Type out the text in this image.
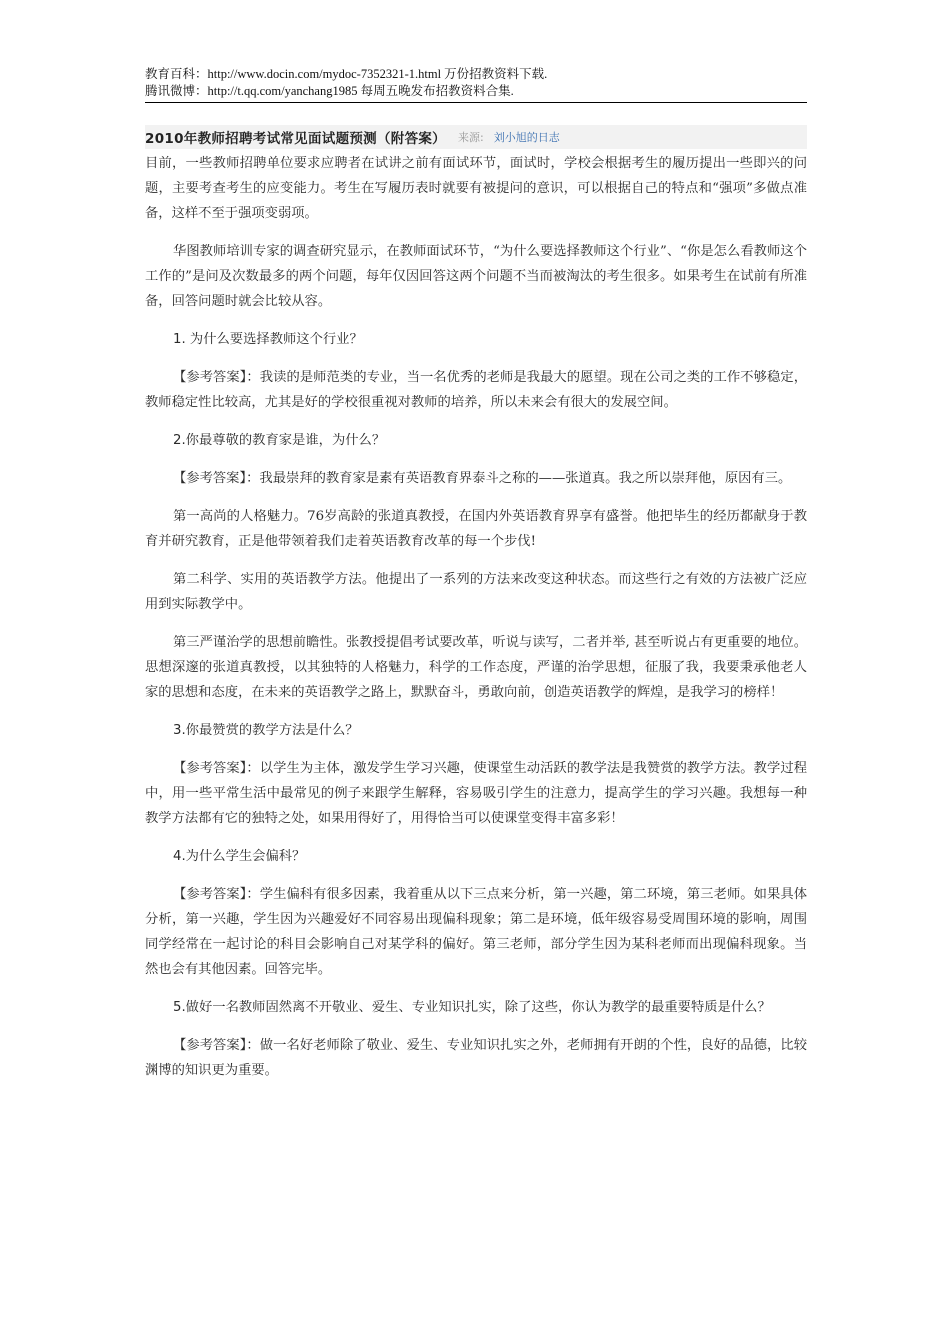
教育百科：http://www.docin.com/mydoc-7352321-1.html 万份招教资料下载.
腾讯微博：http://t.qq.com/yanchang1985 每周五晚发布招教资料合集.
2010年教师招聘考试常见面试题预测（附答案） 来源: 刘小旭的日志

目前，一些教师招聘单位要求应聘者在试讲之前有面试环节，面试时，学校会根据考生的履历提出一些即兴的问题，主要考查考生的应变能力。考生在写履历表时就要有被提问的意识，可以根据自己的特点和“强项”多做点准备，这样不至于强项变弱项。

华图教师培训专家的调查研究显示，在教师面试环节，“为什么要选择教师这个行业”、“你是怎么看教师这个工作的”是问及次数最多的两个问题，每年仅因回答这两个问题不当而被淘汰的考生很多。如果考生在试前有所准备，回答问题时就会比较从容。

1. 为什么要选择教师这个行业？

【参考答案】：我读的是师范类的专业，当一名优秀的老师是我最大的愿望。现在公司之类的工作不够稳定，教师稳定性比较高，尤其是好的学校很重视对教师的培养，所以未来会有很大的发展空间。

2.你最尊敬的教育家是谁，为什么？

【参考答案】：我最崇拜的教育家是素有英语教育界泰斗之称的——张道真。我之所以崇拜他，原因有三。

第一高尚的人格魅力。76岁高龄的张道真教授，在国内外英语教育界享有盛誉。他把毕生的经历都献身于教育并研究教育，正是他带领着我们走着英语教育改革的每一个步伐!

第二科学、实用的英语教学方法。他提出了一系列的方法来改变这种状态。而这些行之有效的方法被广泛应用到实际教学中。

第三严谨治学的思想前瞻性。张教授提倡考试要改革，听说与读写，二者并举, 甚至听说占有更重要的地位。思想深邃的张道真教授，以其独特的人格魅力，科学的工作态度，严谨的治学思想，征服了我，我要秉承他老人家的思想和态度，在未来的英语教学之路上，默默奋斗，勇敢向前，创造英语教学的辉煌，是我学习的榜样！

3.你最赞赏的教学方法是什么？

【参考答案】：以学生为主体，激发学生学习兴趣，使课堂生动活跃的教学法是我赞赏的教学方法。教学过程中，用一些平常生活中最常见的例子来跟学生解释，容易吸引学生的注意力，提高学生的学习兴趣。我想每一种教学方法都有它的独特之处，如果用得好了，用得恰当可以使课堂变得丰富多彩！

4.为什么学生会偏科？

【参考答案】：学生偏科有很多因素，我着重从以下三点来分析，第一兴趣，第二环境，第三老师。如果具体分析，第一兴趣，学生因为兴趣爱好不同容易出现偏科现象；第二是环境，低年级容易受周围环境的影响，周围同学经常在一起讨论的科目会影响自己对某学科的偏好。第三老师，部分学生因为某科老师而出现偏科现象。当然也会有其他因素。回答完毕。

5.做好一名教师固然离不开敬业、爱生、专业知识扎实，除了这些，你认为教学的最重要特质是什么？

【参考答案】：做一名好老师除了敬业、爱生、专业知识扎实之外，老师拥有开朗的个性，良好的品德，比较渊博的知识更为重要。
